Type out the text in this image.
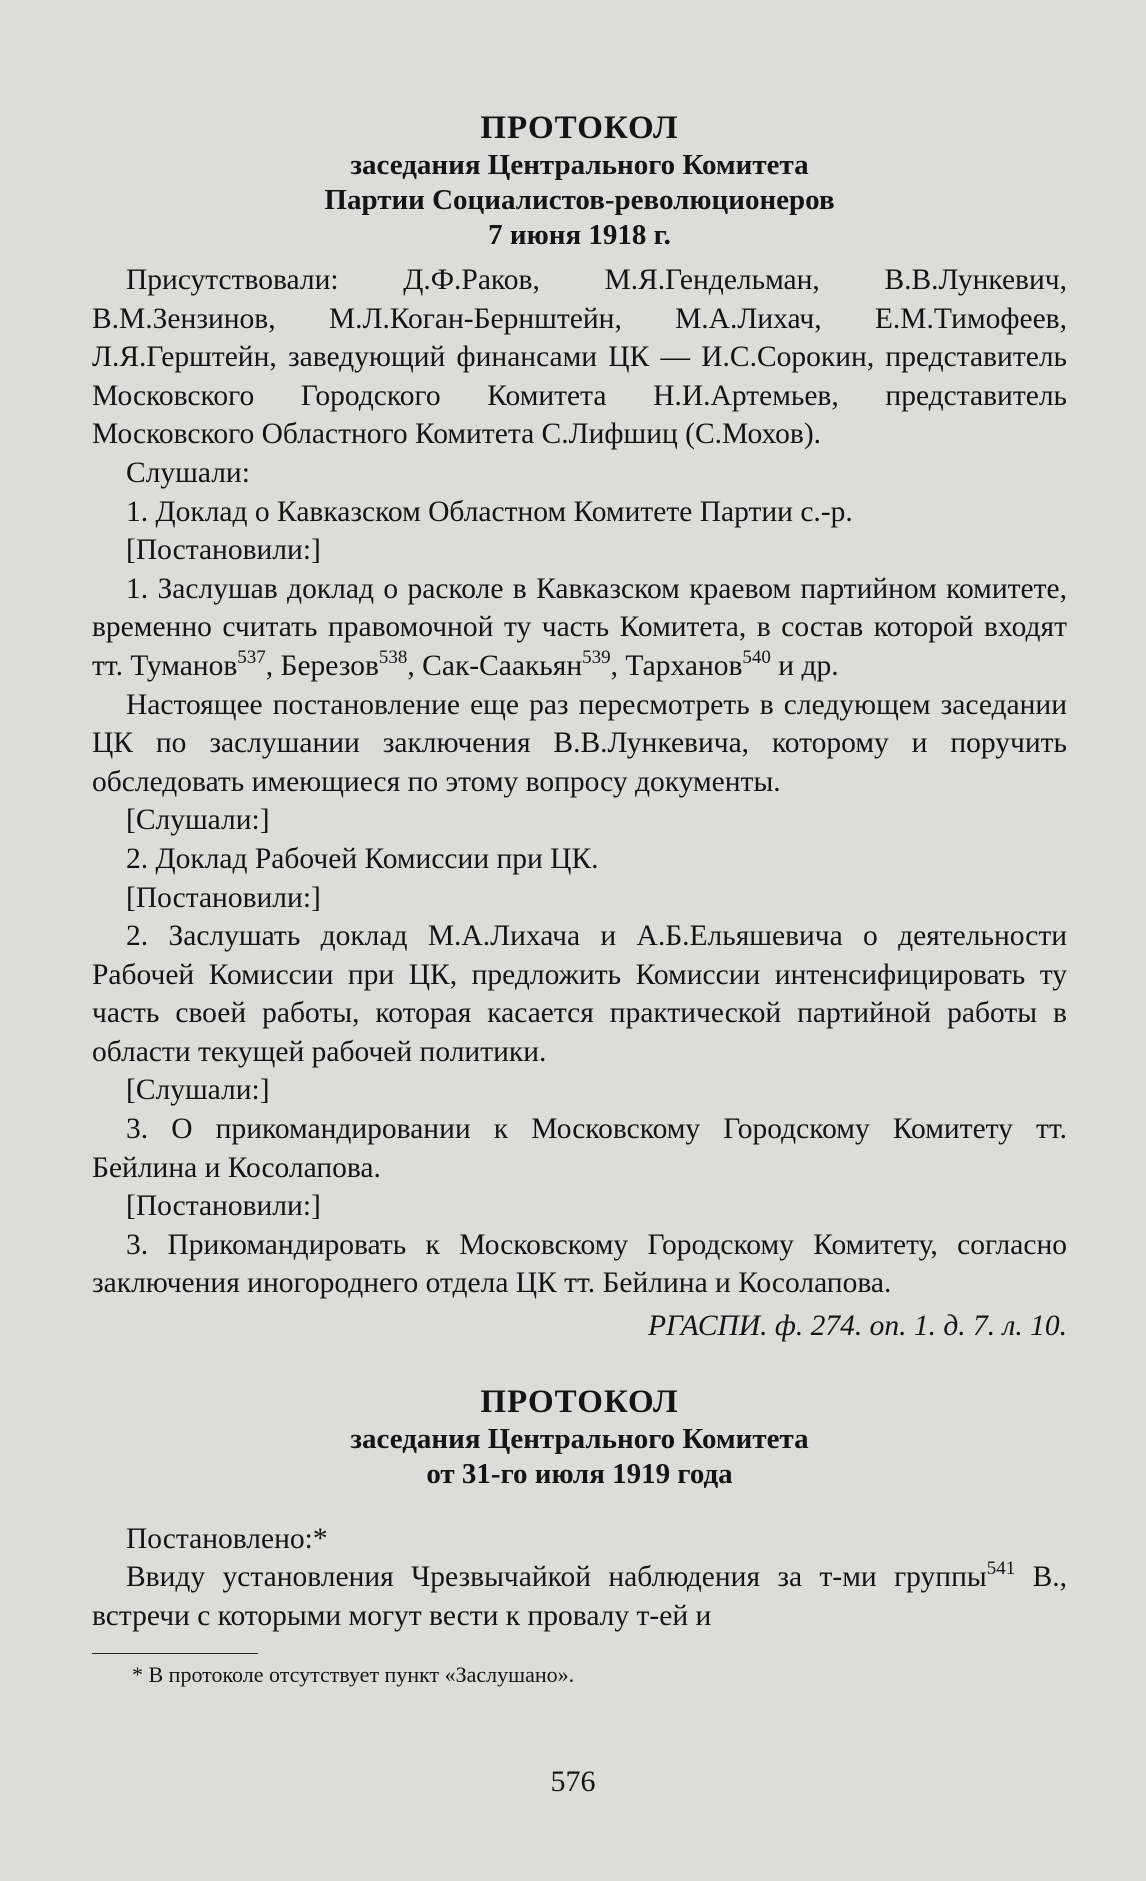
ПРОТОКОЛ

заседания Центрального Комитета

Партии Социалистов-революционеров

7 июня 1918 г.

Присутствовали: Д.Ф.Раков, М.Я.Гендельман, В.В.Лункевич, В.М.Зензинов, М.Л.Коган-Бернштейн, М.А.Лихач, Е.М.Тимофеев, Л.Я.Герштейн, заведующий финансами ЦК — И.С.Сорокин, представитель Московского Городского Комитета Н.И.Артемьев, представитель Московского Областного Комитета С.Лифшиц (С.Мохов).

Слушали:

1. Доклад о Кавказском Областном Комитете Партии с.-р.

[Постановили:]

1. Заслушав доклад о расколе в Кавказском краевом партийном комитете, временно считать правомочной ту часть Комитета, в состав которой входят тт. Туманов$^{537}$, Березов$^{538}$, Сак-Саакьян$^{539}$, Тарханов$^{540}$ и др.

Настоящее постановление еще раз пересмотреть в следующем заседании ЦК по заслушании заключения В.В.Лункевича, которому и поручить обследовать имеющиеся по этому вопросу документы.

[Слушали:]

2. Доклад Рабочей Комиссии при ЦК.

[Постановили:]

2. Заслушать доклад М.А.Лихача и А.Б.Ельяшевича о деятельности Рабочей Комиссии при ЦК, предложить Комиссии интенсифицировать ту часть своей работы, которая касается практической партийной работы в области текущей рабочей политики.

[Слушали:]

3. О прикомандировании к Московскому Городскому Комитету тт. Бейлина и Косолапова.

[Постановили:]

3. Прикомандировать к Московскому Городскому Комитету, согласно заключения иногороднего отдела ЦК тт. Бейлина и Косолапова.

РГАСПИ. ф. 274. оп. 1. д. 7. л. 10.

ПРОТОКОЛ

заседания Центрального Комитета

от 31-го июля 1919 года

Постановлено:*

Ввиду установления Чрезвычайкой наблюдения за т-ми группы$^{541}$ В., встречи с которыми могут вести к провалу т-ей и

* В протоколе отсутствует пункт «Заслушано».

576
